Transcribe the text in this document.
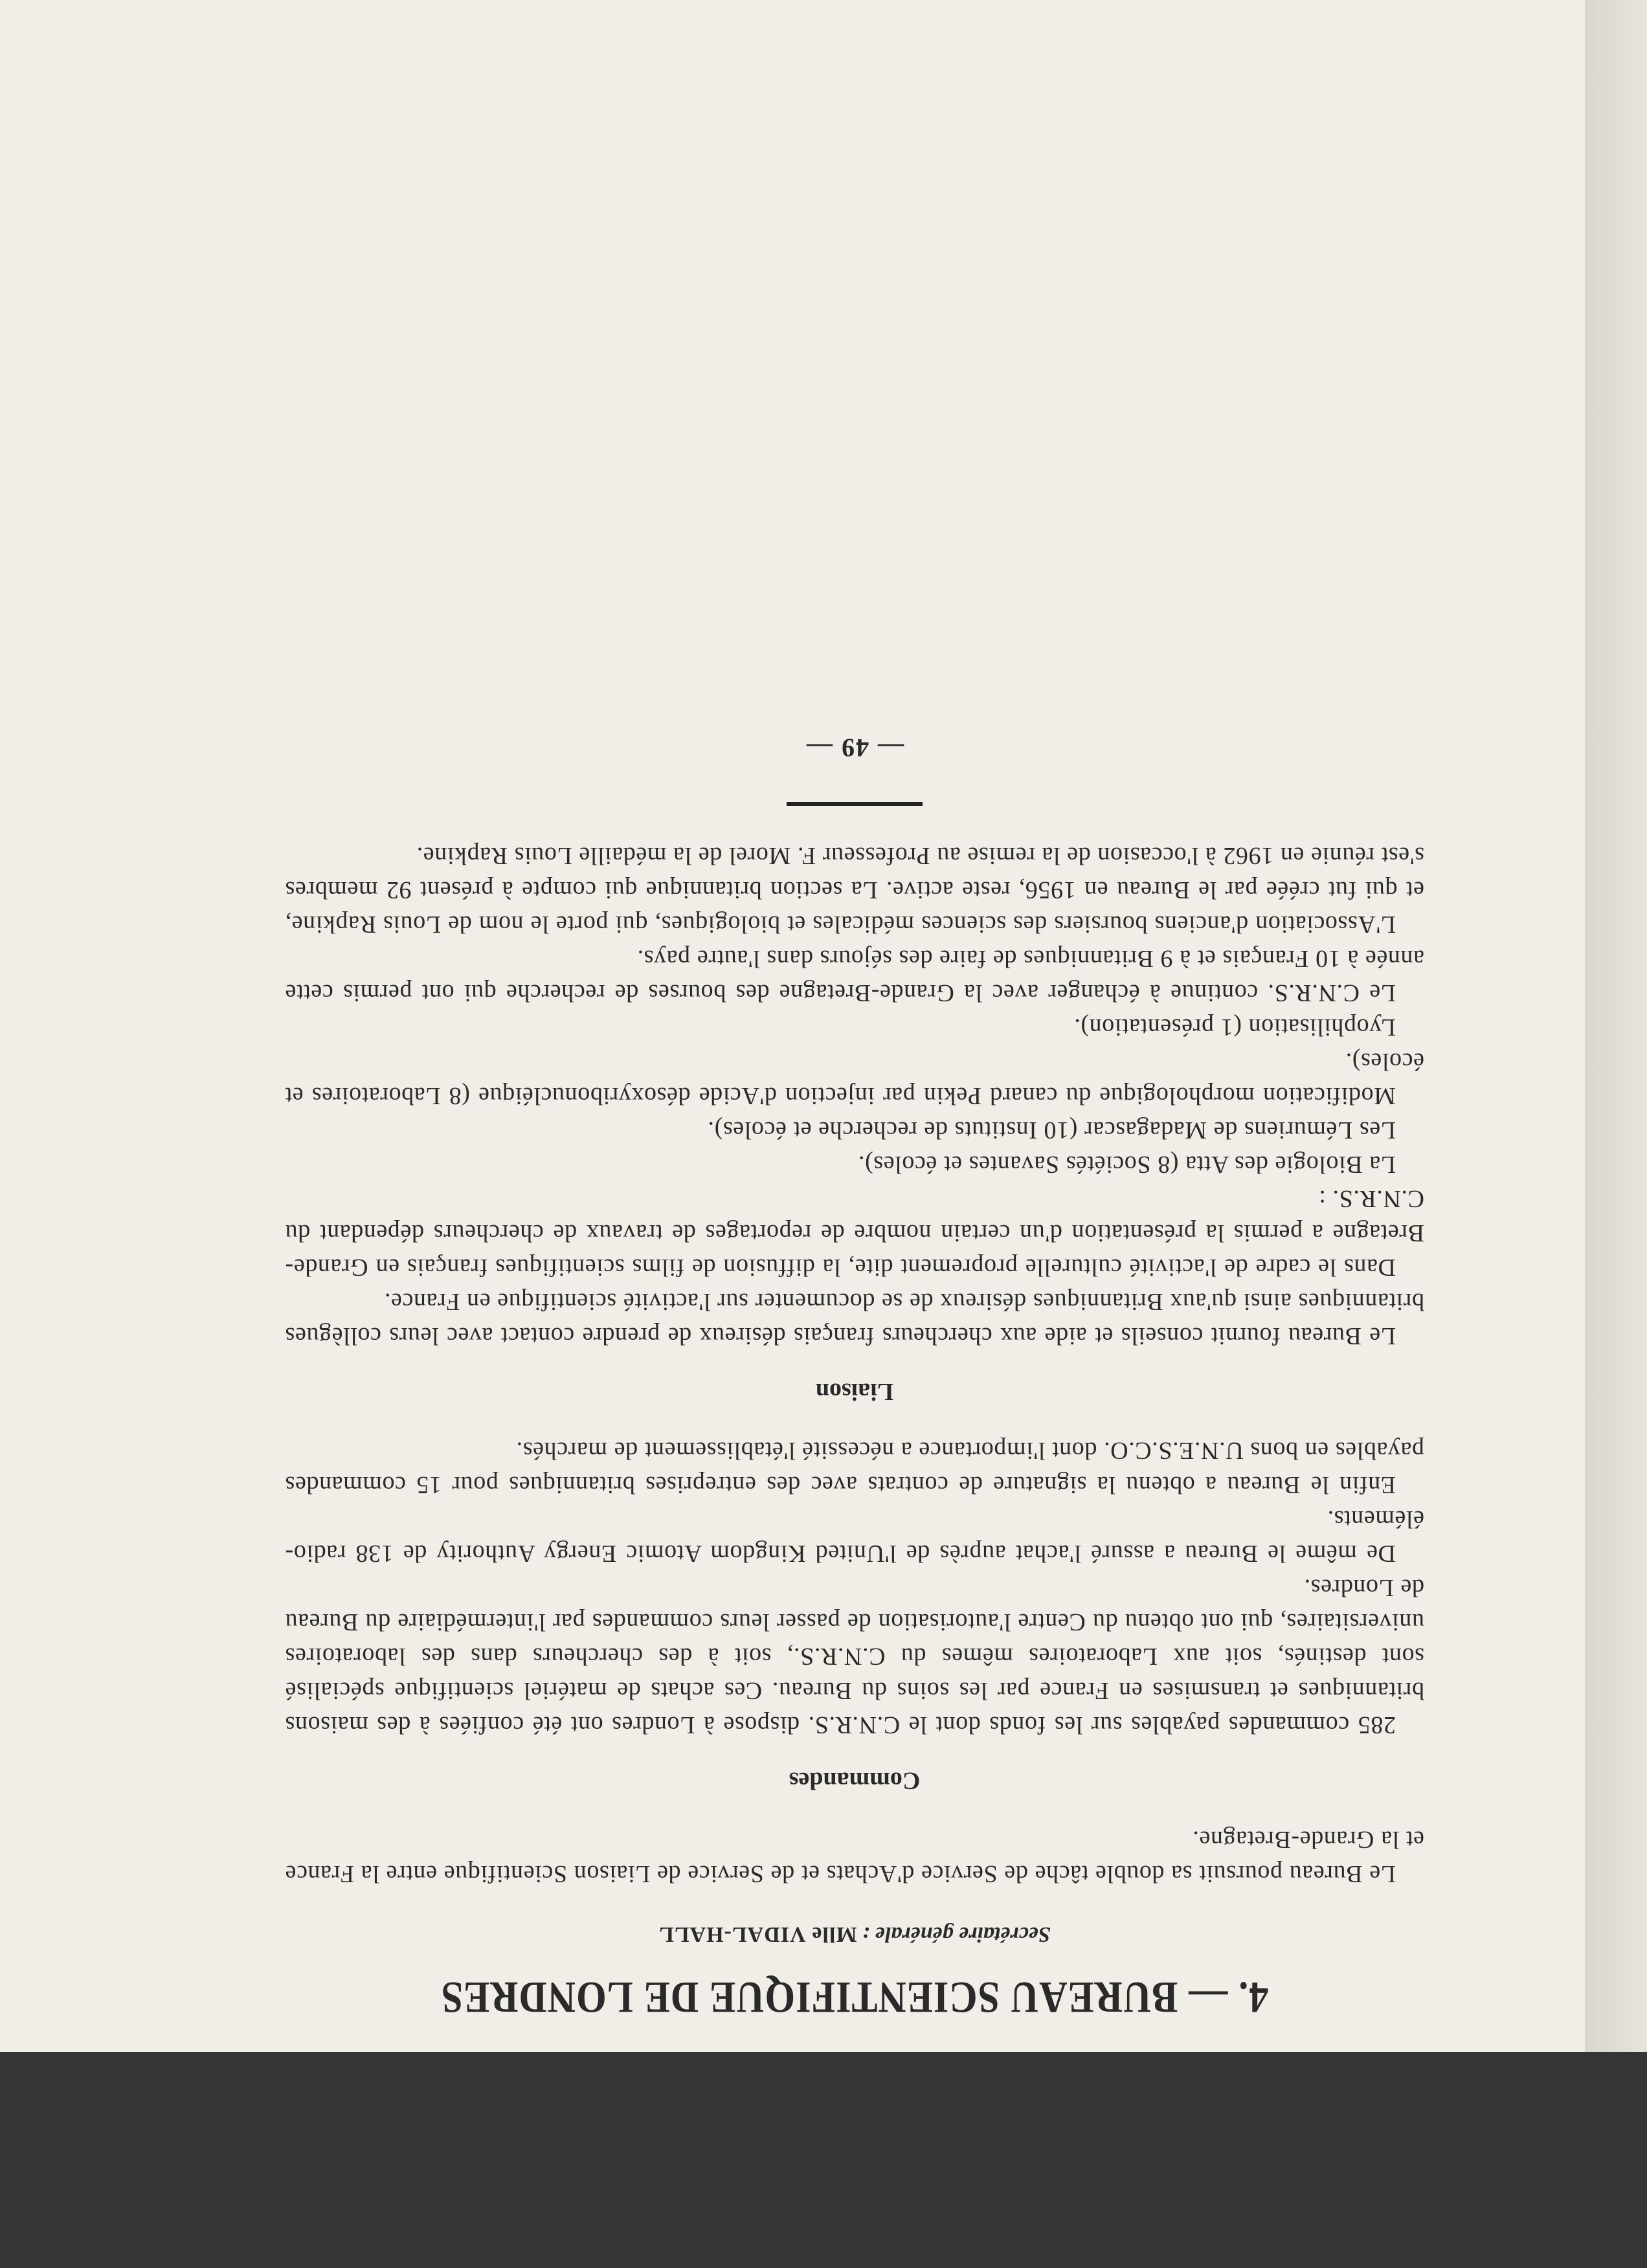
4. — BUREAU SCIENTIFIQUE DE LONDRES
Secrétaire générale : Mlle VIDAL-HALL

Le Bureau poursuit sa double tâche de Service d'Achats et de Service de Liaison Scientifique entre la France et la Grande-Bretagne.

Commandes

285 commandes payables sur les fonds dont le C.N.R.S. dispose à Londres ont été confiées à des maisons britanniques et transmises en France par les soins du Bureau. Ces achats de matériel scientifique spécialisé sont destinés, soit aux Laboratoires mêmes du C.N.R.S., soit à des chercheurs dans des laboratoires universitaires, qui ont obtenu du Centre l'autorisation de passer leurs commandes par l'intermédiaire du Bureau de Londres.

De même le Bureau a assuré l'achat auprès de l'United Kingdom Atomic Energy Authority de 138 radio-éléments.

Enfin le Bureau a obtenu la signature de contrats avec des entreprises britanniques pour 15 commandes payables en bons U.N.E.S.C.O. dont l'importance a nécessité l'établissement de marchés.

Liaison

Le Bureau fournit conseils et aide aux chercheurs français désireux de prendre contact avec leurs collègues britanniques ainsi qu'aux Britanniques désireux de se documenter sur l'activité scientifique en France.

Dans le cadre de l'activité culturelle proprement dite, la diffusion de films scientifiques français en Grande-Bretagne a permis la présentation d'un certain nombre de reportages de travaux de chercheurs dépendant du C.N.R.S. :

La Biologie des Atta (8 Sociétés Savantes et écoles).

Les Lémuriens de Madagascar (10 Instituts de recherche et écoles).

Modification morphologique du canard Pekin par injection d'Acide désoxyribonucléique (8 Laboratoires et écoles).

Lyophilisation (1 présentation).

Le C.N.R.S. continue à échanger avec la Grande-Bretagne des bourses de recherche qui ont permis cette année à 10 Français et à 9 Britanniques de faire des séjours dans l'autre pays.

L'Association d'anciens boursiers des sciences médicales et biologiques, qui porte le nom de Louis Rapkine, et qui fut créée par le Bureau en 1956, reste active. La section britannique qui compte à présent 92 membres s'est réunie en 1962 à l'occasion de la remise au Professeur F. Morel de la médaille Louis Rapkine.

— 49 —
